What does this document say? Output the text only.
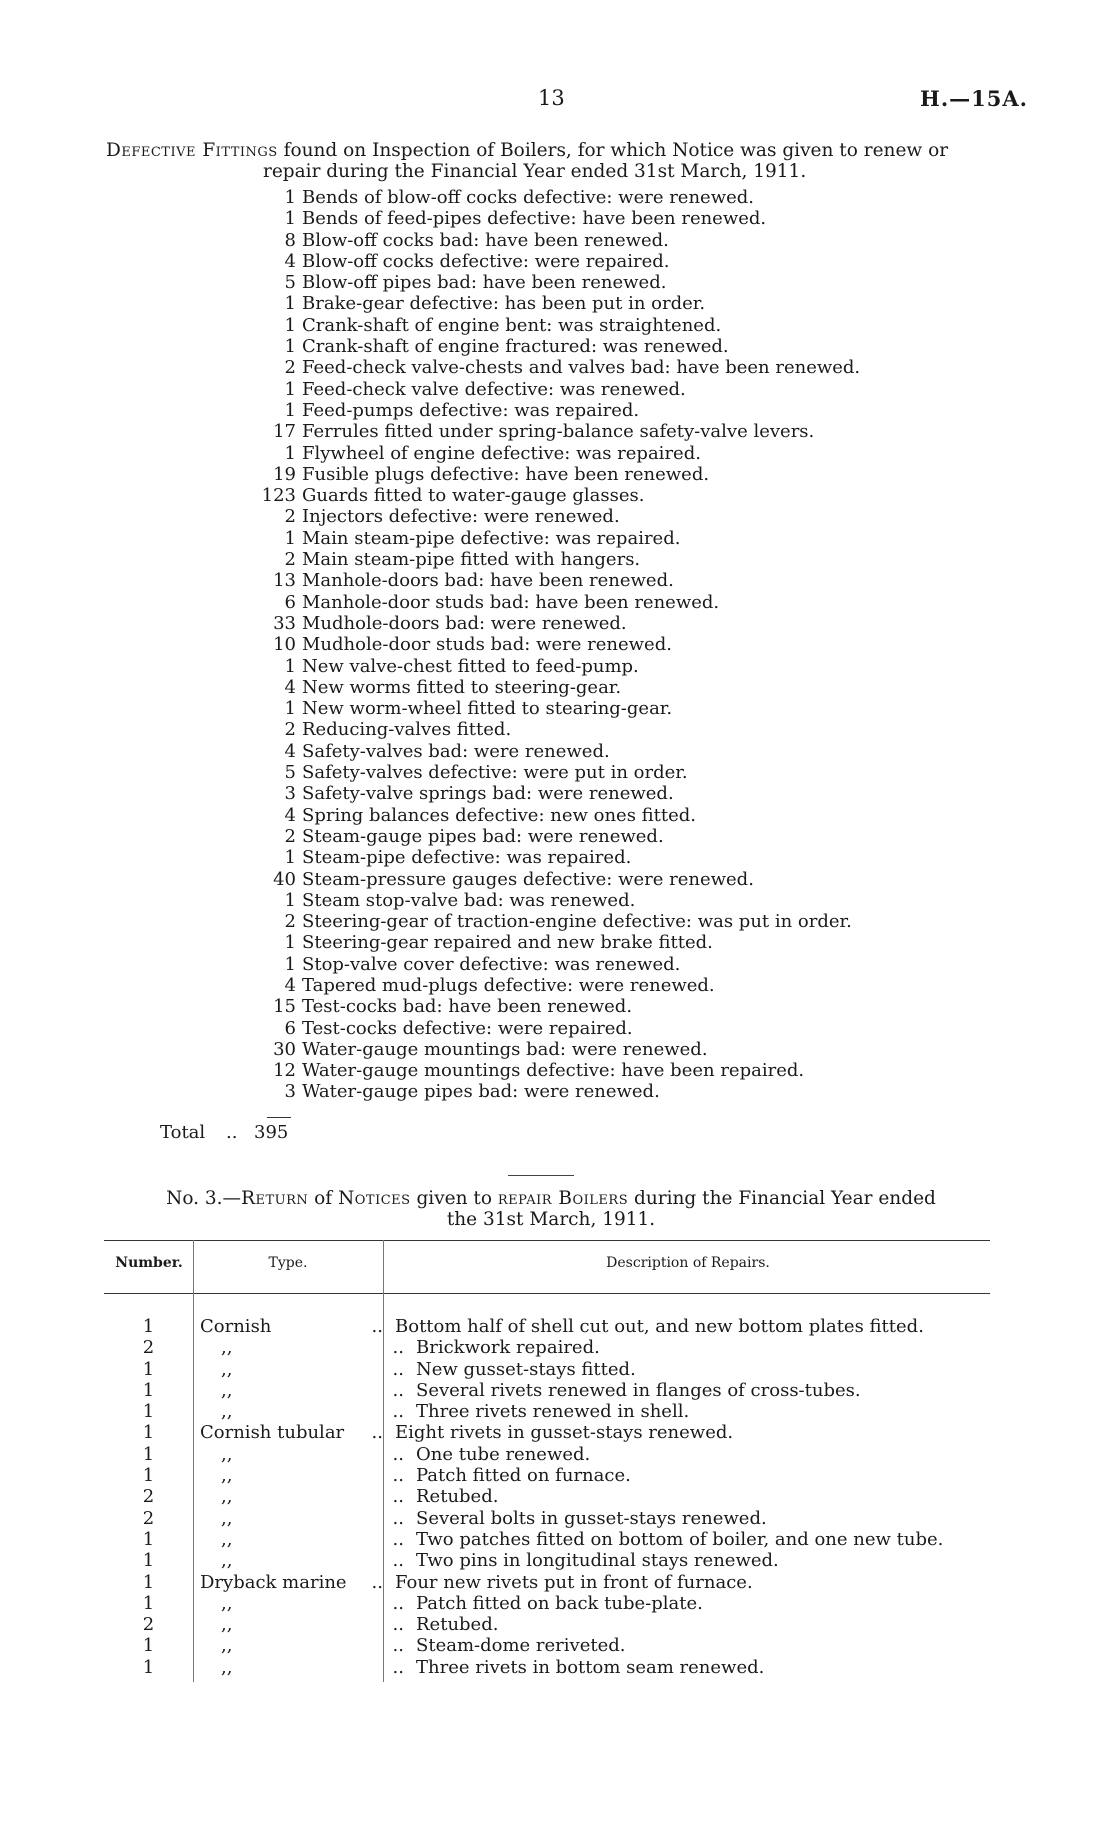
13	H.—15A.
Defective Fittings found on Inspection of Boilers, for which Notice was given to renew or
repair during the Financial Year ended 31st March, 1911.
1 Bends of blow-off cocks defective: were renewed.
1 Bends of feed-pipes defective: have been renewed.
8 Blow-off cocks bad: have been renewed.
4 Blow-off cocks defective: were repaired.
5 Blow-off pipes bad: have been renewed.
1 Brake-gear defective: has been put in order.
1 Crank-shaft of engine bent: was straightened.
1 Crank-shaft of engine fractured: was renewed.
2 Feed-check valve-chests and valves bad: have been renewed.
1 Feed-check valve defective: was renewed.
1 Feed-pumps defective: was repaired.
17 Ferrules fitted under spring-balance safety-valve levers.
1 Flywheel of engine defective: was repaired.
19 Fusible plugs defective: have been renewed.
123 Guards fitted to water-gauge glasses.
2 Injectors defective: were renewed.
1 Main steam-pipe defective: was repaired.
2 Main steam-pipe fitted with hangers.
13 Manhole-doors bad: have been renewed.
6 Manhole-door studs bad: have been renewed.
33 Mudhole-doors bad: were renewed.
10 Mudhole-door studs bad: were renewed.
1 New valve-chest fitted to feed-pump.
4 New worms fitted to steering-gear.
1 New worm-wheel fitted to stearing-gear.
2 Reducing-valves fitted.
4 Safety-valves bad: were renewed.
5 Safety-valves defective: were put in order.
3 Safety-valve springs bad: were renewed.
4 Spring balances defective: new ones fitted.
2 Steam-gauge pipes bad: were renewed.
1 Steam-pipe defective: was repaired.
40 Steam-pressure gauges defective: were renewed.
1 Steam stop-valve bad: was renewed.
2 Steering-gear of traction-engine defective: was put in order.
1 Steering-gear repaired and new brake fitted.
1 Stop-valve cover defective: was renewed.
4 Tapered mud-plugs defective: were renewed.
15 Test-cocks bad: have been renewed.
6 Test-cocks defective: were repaired.
30 Water-gauge mountings bad: were renewed.
12 Water-gauge mountings defective: have been repaired.
3 Water-gauge pipes bad: were renewed.
Total .. 395
No. 3.—Return of Notices given to repair Boilers during the Financial Year ended
the 31st March, 1911.
Number.	Type.	Description of Repairs.
1	Cornish	.. Bottom half of shell cut out, and new bottom plates fitted.
2	,,	.. Brickwork repaired.
1	,,	.. New gusset-stays fitted.
1	,,	.. Several rivets renewed in flanges of cross-tubes.
1	,,	.. Three rivets renewed in shell.
1	Cornish tubular	.. Eight rivets in gusset-stays renewed.
1	,,	.. One tube renewed.
1	,,	.. Patch fitted on furnace.
2	,,	.. Retubed.
2	,,	.. Several bolts in gusset-stays renewed.
1	,,	.. Two patches fitted on bottom of boiler, and one new tube.
1	,,	.. Two pins in longitudinal stays renewed.
1	Dryback marine	.. Four new rivets put in front of furnace.
1	,,	.. Patch fitted on back tube-plate.
2	,,	.. Retubed.
1	,,	.. Steam-dome reriveted.
1	,,	.. Three rivets in bottom seam renewed.
